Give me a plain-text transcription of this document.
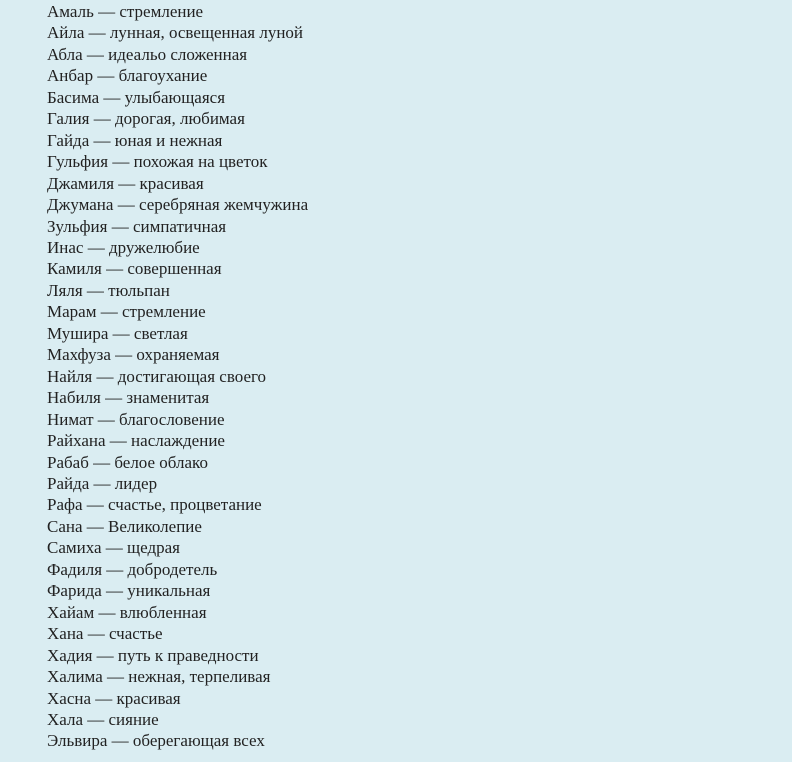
Амаль — стремление
Айла — лунная, освещенная луной
Абла — идеальо сложенная
Анбар — благоухание
Басима — улыбающаяся
Галия — дорогая, любимая
Гайда — юная и нежная
Гульфия — похожая на цветок
Джамиля — красивая
Джумана — серебряная жемчужина
Зульфия — симпатичная
Инас — дружелюбие
Камиля — совершенная
Ляля — тюльпан
Марам — стремление
Мушира — светлая
Махфуза — охраняемая
Найля — достигающая своего
Набиля — знаменитая
Нимат — благословение
Райхана — наслаждение
Рабаб — белое облако
Райда — лидер
Рафа — счастье, процветание
Сана — Великолепие
Самиха — щедрая
Фадиля — добродетель
Фарида — уникальная
Хайам — влюбленная
Хана — счастье
Хадия — путь к праведности
Халима — нежная, терпеливая
Хасна — красивая
Хала — сияние
Эльвира — оберегающая всех
